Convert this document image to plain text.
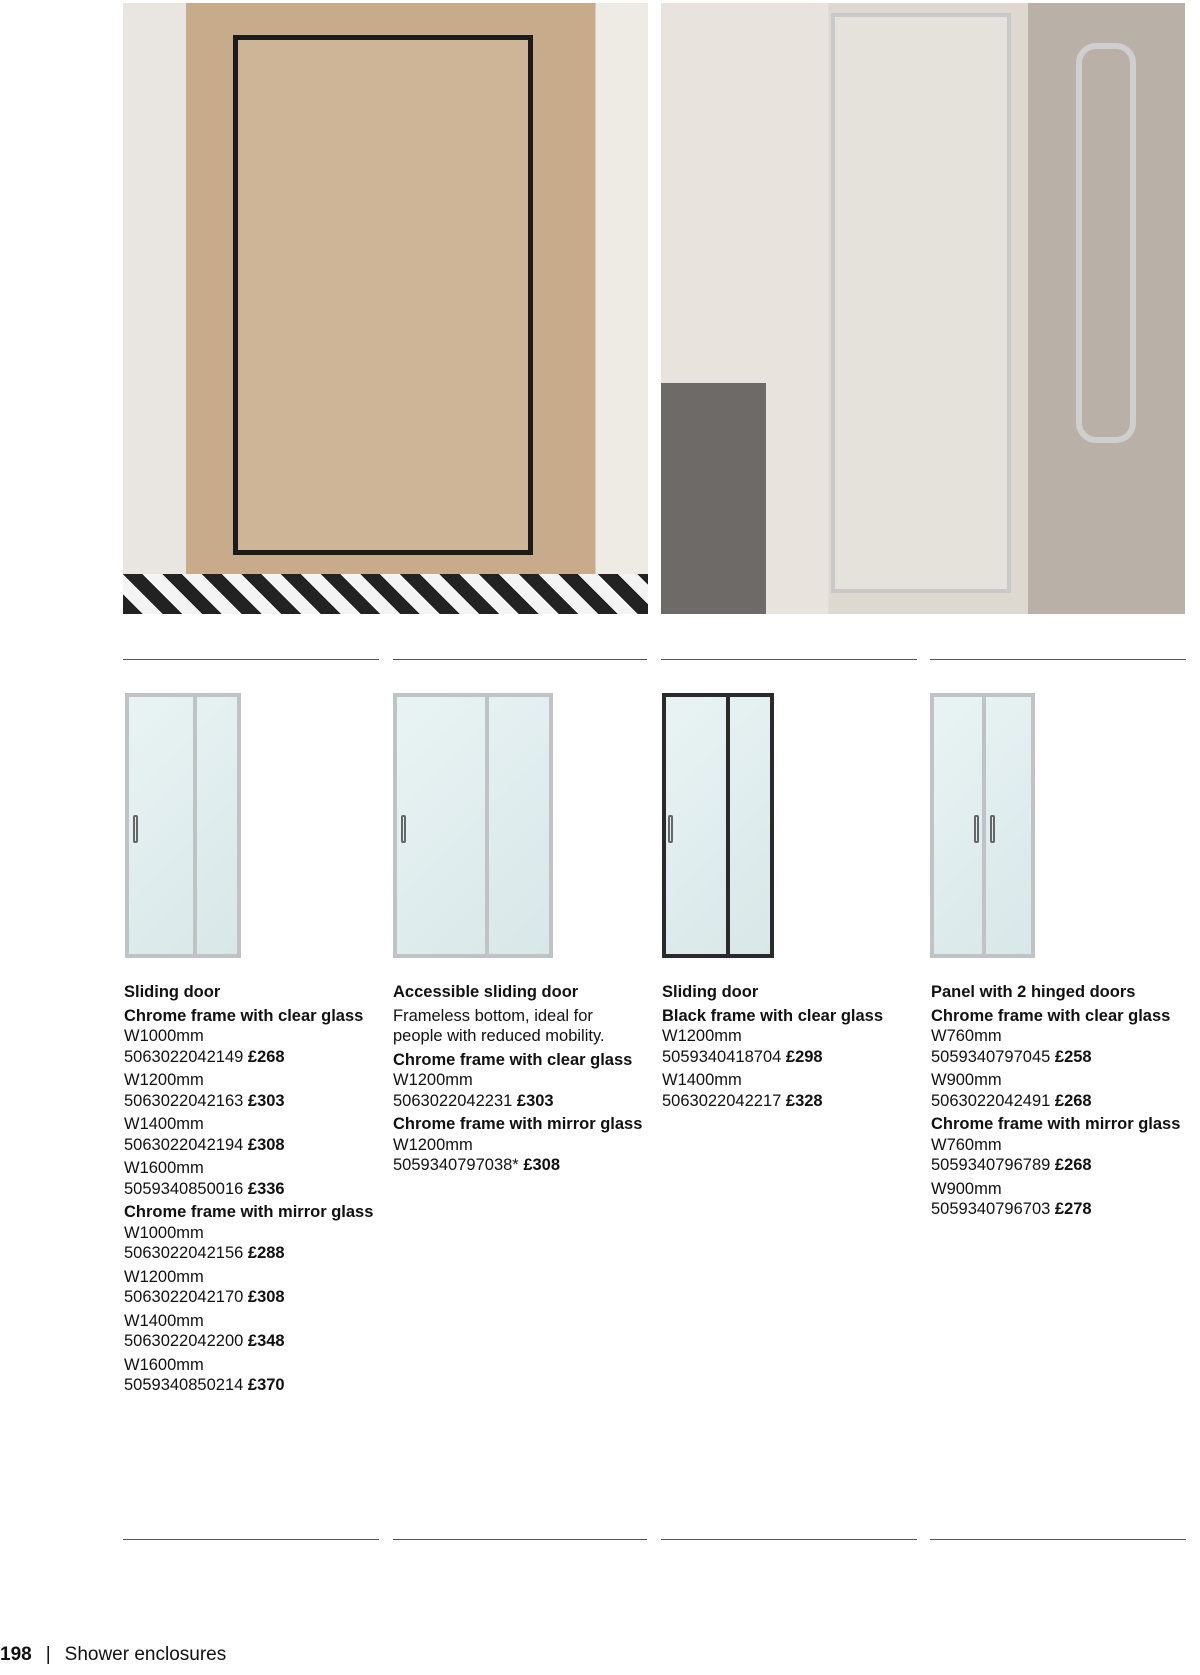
Sliding door
Chrome frame with clear glass
W1000mm
5063022042149 £268
W1200mm
5063022042163 £303
W1400mm
5063022042194 £308
W1600mm
5059340850016 £336
Chrome frame with mirror glass
W1000mm
5063022042156 £288
W1200mm
5063022042170 £308
W1400mm
5063022042200 £348
W1600mm
5059340850214 £370
Accessible sliding door
Frameless bottom, ideal for people with reduced mobility.
Chrome frame with clear glass
W1200mm
5063022042231 £303
Chrome frame with mirror glass
W1200mm
5059340797038* £308
Sliding door
Black frame with clear glass
W1200mm
5059340418704 £298
W1400mm
5063022042217 £328
Panel with 2 hinged doors
Chrome frame with clear glass
W760mm
5059340797045 £258
W900mm
5063022042491 £268
Chrome frame with mirror glass
W760mm
5059340796789 £268
W900mm
5059340796703 £278
198 | Shower enclosures
